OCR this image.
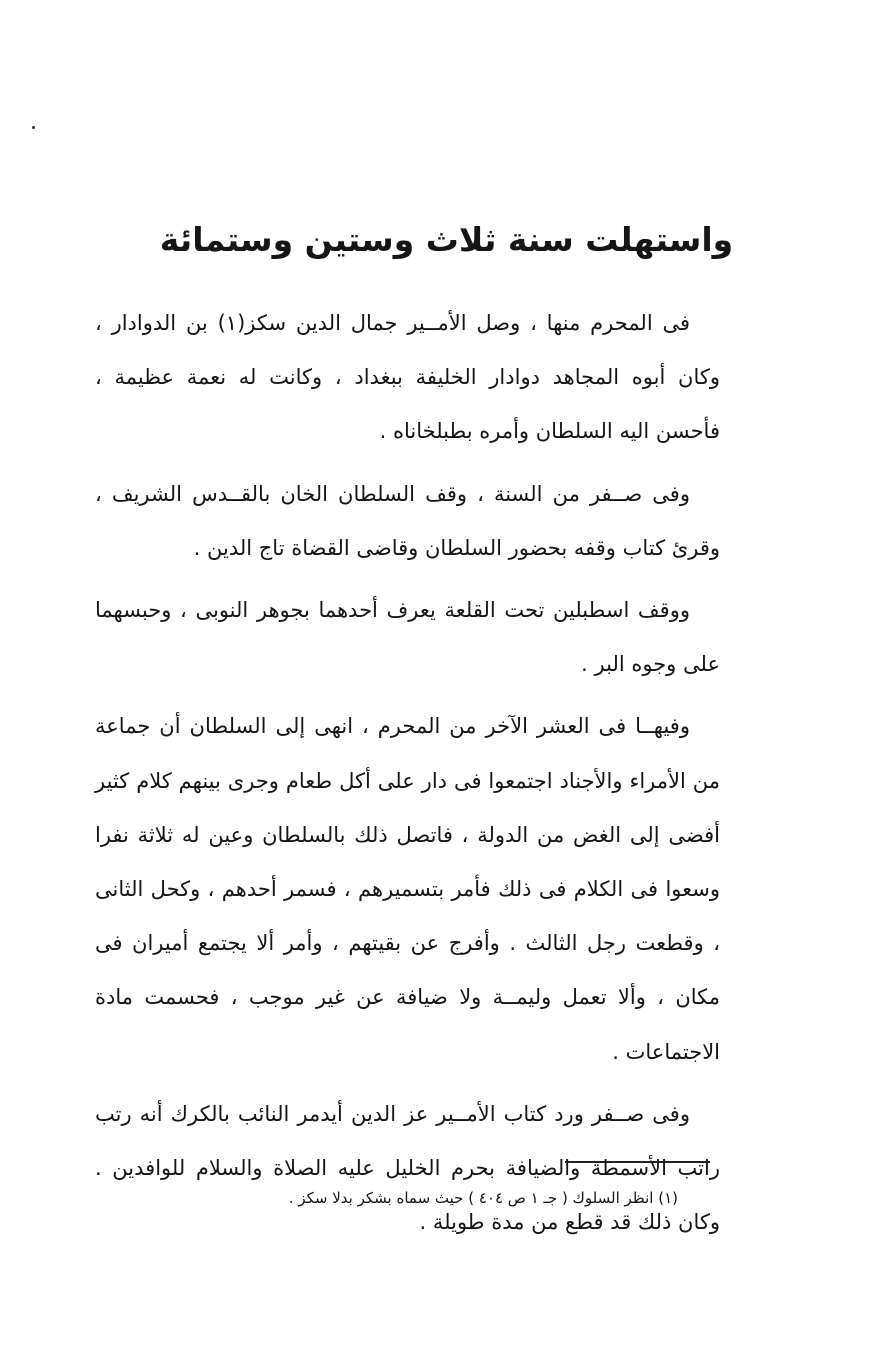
واستهلت سنة ثلاث وستين وستمائة

فى المحرم منها ، وصل الأمــير جمال الدين سكز(١) بن الدوادار ، وكان أبوه المجاهد دوادار الخليفة ببغداد ، وكانت له نعمة عظيمة ، فأحسن اليه السلطان وأمره بطبلخاناه .

وفى صــفر من السنة ، وقف السلطان الخان بالقــدس الشريف ، وقرئ كتاب وقفه بحضور السلطان وقاضى القضاة تاج الدين .

ووقف اسطبلين تحت القلعة يعرف أحدهما بجوهر النوبى ، وحبسهما على وجوه البر .

وفيهــا فى العشر الآخر من المحرم ، انهى إلى السلطان أن جماعة من الأمراء والأجناد اجتمعوا فى دار على أكل طعام وجرى بينهم كلام كثير أفضى إلى الغض من الدولة ، فاتصل ذلك بالسلطان وعين له ثلاثة نفرا وسعوا فى الكلام فى ذلك فأمر بتسميرهم ، فسمر أحدهم ، وكحل الثانى ، وقطعت رجل الثالث . وأفرج عن بقيتهم ، وأمر ألا يجتمع أميران فى مكان ، وألا تعمل وليمــة ولا ضيافة عن غير موجب ، فحسمت مادة الاجتماعات .

وفى صــفر ورد كتاب الأمــير عز الدين أيدمر النائب بالكرك أنه رتب راتب الأسمطة والضيافة بحرم الخليل عليه الصلاة والسلام للوافدين . وكان ذلك قد قطع من مدة طويلة .

(١) انظر السلوك ( جـ ١ ص ٤٠٤ ) حيث سماه بشكر بدلا سكز .
